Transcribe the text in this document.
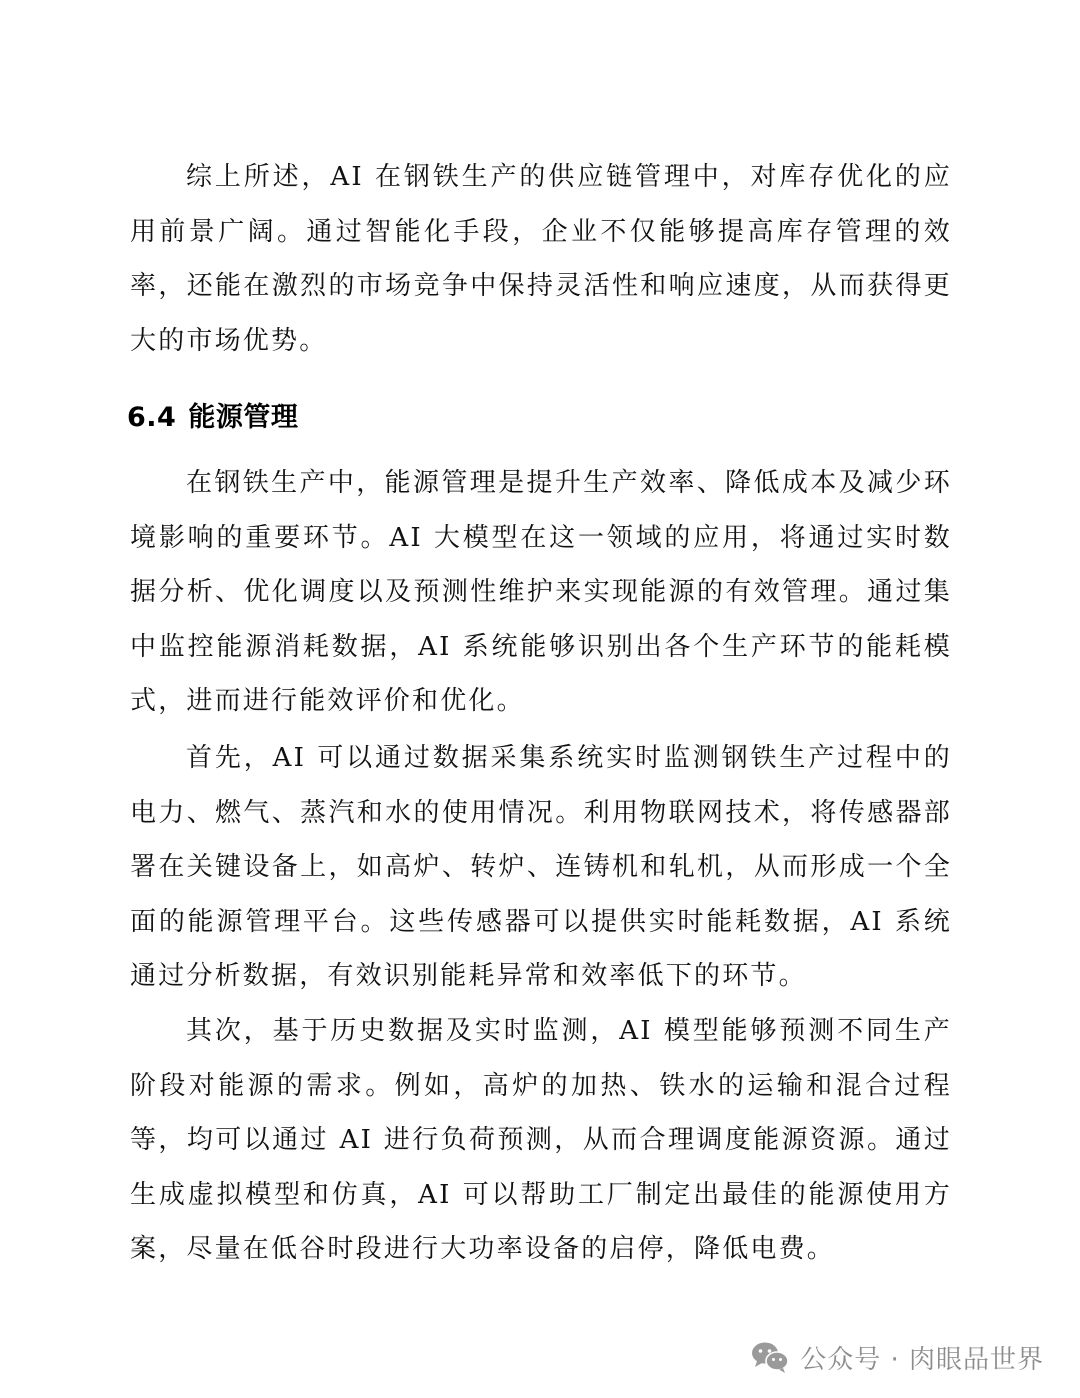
综上所述，AI 在钢铁生产的供应链管理中，对库存优化的应用前景广阔。通过智能化手段，企业不仅能够提高库存管理的效率，还能在激烈的市场竞争中保持灵活性和响应速度，从而获得更大的市场优势。

6.4 能源管理

在钢铁生产中，能源管理是提升生产效率、降低成本及减少环境影响的重要环节。AI 大模型在这一领域的应用，将通过实时数据分析、优化调度以及预测性维护来实现能源的有效管理。通过集中监控能源消耗数据，AI 系统能够识别出各个生产环节的能耗模式，进而进行能效评价和优化。

首先，AI 可以通过数据采集系统实时监测钢铁生产过程中的电力、燃气、蒸汽和水的使用情况。利用物联网技术，将传感器部署在关键设备上，如高炉、转炉、连铸机和轧机，从而形成一个全面的能源管理平台。这些传感器可以提供实时能耗数据，AI 系统通过分析数据，有效识别能耗异常和效率低下的环节。

其次，基于历史数据及实时监测，AI 模型能够预测不同生产阶段对能源的需求。例如，高炉的加热、铁水的运输和混合过程等，均可以通过 AI 进行负荷预测，从而合理调度能源资源。通过生成虚拟模型和仿真，AI 可以帮助工厂制定出最佳的能源使用方案，尽量在低谷时段进行大功率设备的启停，降低电费。

公众号 · 肉眼品世界
